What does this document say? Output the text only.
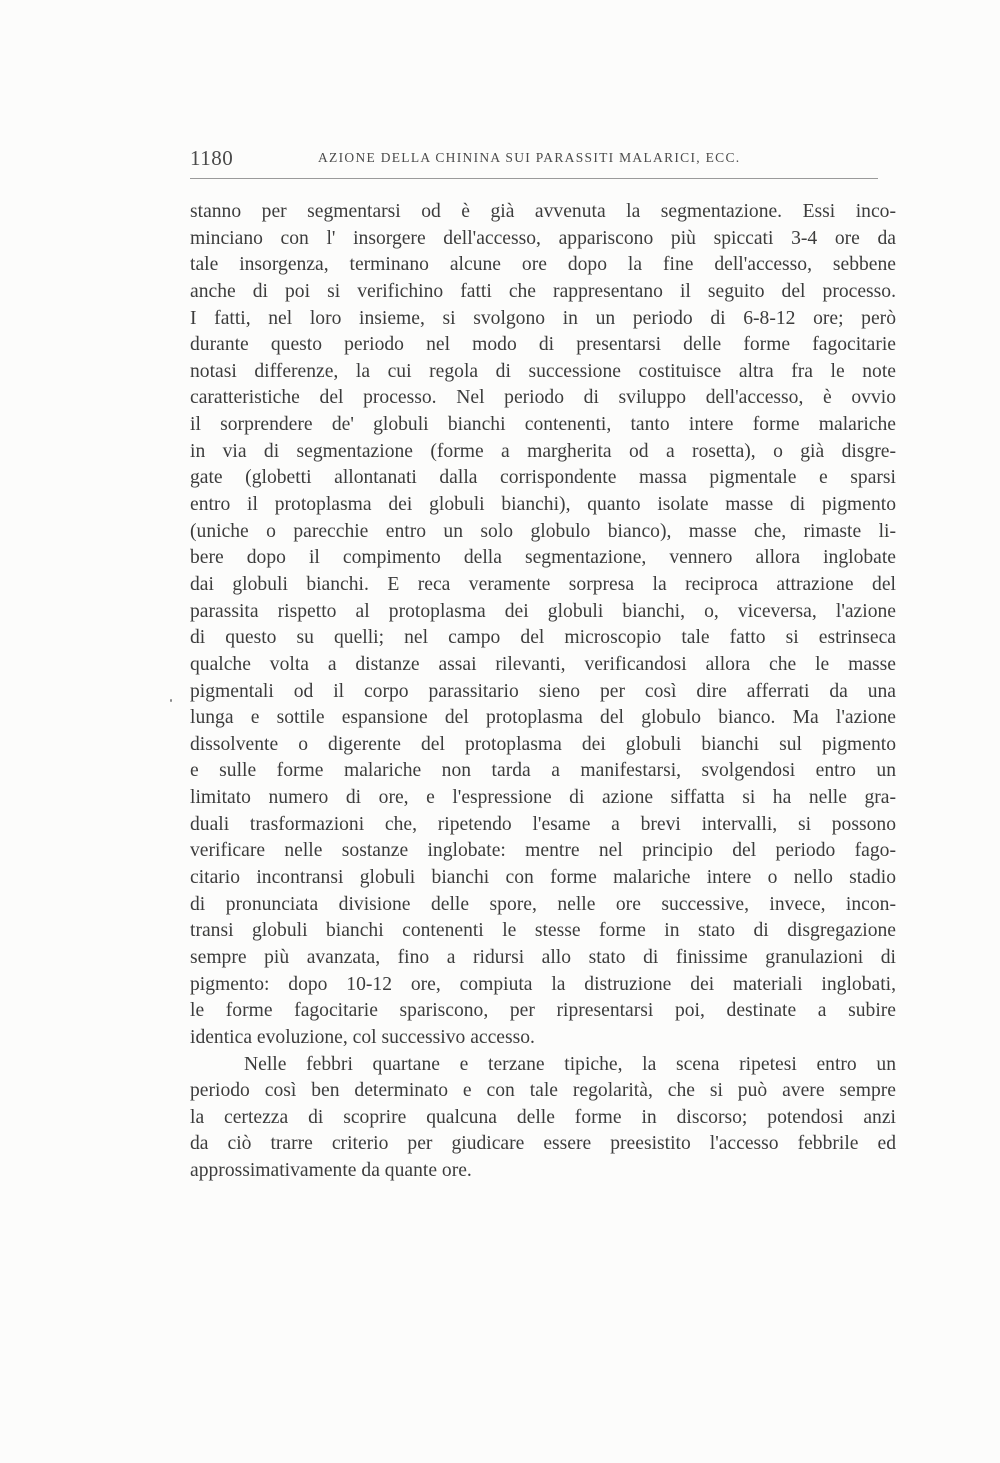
1180	AZIONE DELLA CHININA SUI PARASSITI MALARICI, ECC.
stanno per segmentarsi od è già avvenuta la segmentazione. Essi inco-
minciano con l' insorgere dell'accesso, appariscono più spiccati 3-4 ore da
tale insorgenza, terminano alcune ore dopo la fine dell'accesso, sebbene
anche di poi si verifichino fatti che rappresentano il seguito del processo.
I fatti, nel loro insieme, si svolgono in un periodo di 6-8-12 ore; però
durante questo periodo nel modo di presentarsi delle forme fagocitarie
notasi differenze, la cui regola di successione costituisce altra fra le note
caratteristiche del processo. Nel periodo di sviluppo dell'accesso, è ovvio
il sorprendere de' globuli bianchi contenenti, tanto intere forme malariche
in via di segmentazione (forme a margherita od a rosetta), o già disgre-
gate (globetti allontanati dalla corrispondente massa pigmentale e sparsi
entro il protoplasma dei globuli bianchi), quanto isolate masse di pigmento
(uniche o parecchie entro un solo globulo bianco), masse che, rimaste li-
bere dopo il compimento della segmentazione, vennero allora inglobate
dai globuli bianchi. E reca veramente sorpresa la reciproca attrazione del
parassita rispetto al protoplasma dei globuli bianchi, o, viceversa, l'azione
di questo su quelli; nel campo del microscopio tale fatto si estrinseca
qualche volta a distanze assai rilevanti, verificandosi allora che le masse
pigmentali od il corpo parassitario sieno per così dire afferrati da una
lunga e sottile espansione del protoplasma del globulo bianco. Ma l'azione
dissolvente o digerente del protoplasma dei globuli bianchi sul pigmento
e sulle forme malariche non tarda a manifestarsi, svolgendosi entro un
limitato numero di ore, e l'espressione di azione siffatta si ha nelle gra-
duali trasformazioni che, ripetendo l'esame a brevi intervalli, si possono
verificare nelle sostanze inglobate: mentre nel principio del periodo fago-
citario incontransi globuli bianchi con forme malariche intere o nello stadio
di pronunciata divisione delle spore, nelle ore successive, invece, incon-
transi globuli bianchi contenenti le stesse forme in stato di disgregazione
sempre più avanzata, fino a ridursi allo stato di finissime granulazioni di
pigmento: dopo 10-12 ore, compiuta la distruzione dei materiali inglobati,
le forme fagocitarie spariscono, per ripresentarsi poi, destinate a subire
identica evoluzione, col successivo accesso.
Nelle febbri quartane e terzane tipiche, la scena ripetesi entro un
periodo così ben determinato e con tale regolarità, che si può avere sempre
la certezza di scoprire qualcuna delle forme in discorso; potendosi anzi
da ciò trarre criterio per giudicare essere preesistito l'accesso febbrile ed
approssimativamente da quante ore.
